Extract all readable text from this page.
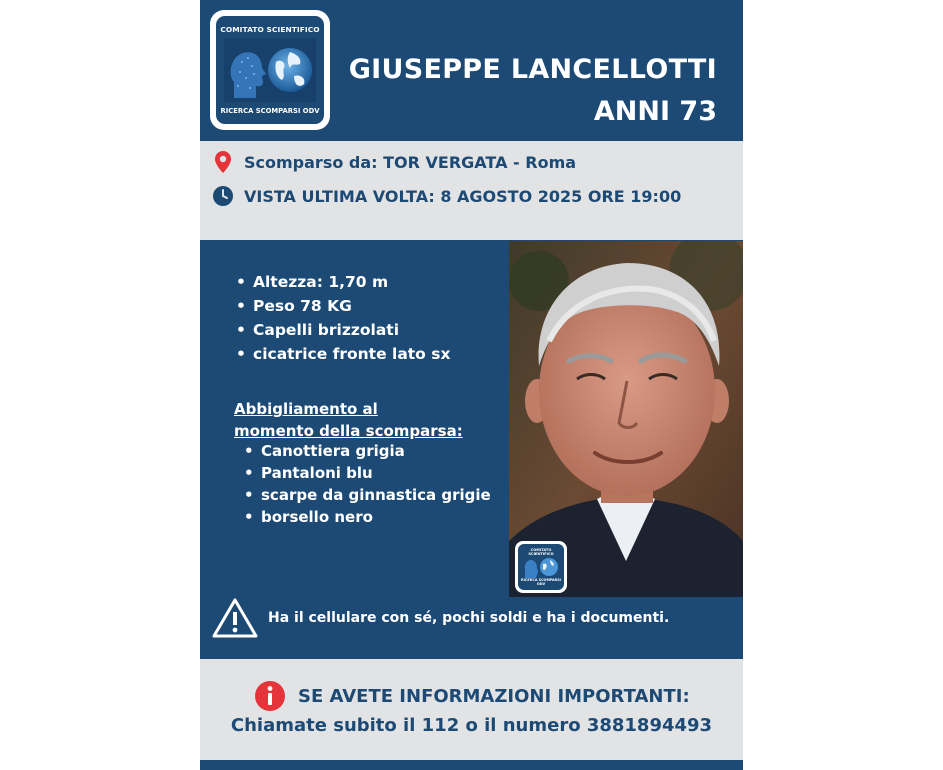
COMITATO SCIENTIFICO
RICERCA SCOMPARSI ODV
GIUSEPPE LANCELLOTTI
ANNI 73
Scomparso da: TOR VERGATA - Roma
VISTA ULTIMA VOLTA: 8 AGOSTO 2025 ORE 19:00
• Altezza: 1,70 m
• Peso 78 KG
• Capelli brizzolati
• cicatrice fronte lato sx
Abbigliamento al
momento della scomparsa:
• Canottiera grigia
• Pantaloni blu
• scarpe da ginnastica grigie
• borsello nero
COMITATO SCIENTIFICO
RICERCA SCOMPARSI ODV
Ha il cellulare con sé, pochi soldi e ha i documenti.
SE AVETE INFORMAZIONI IMPORTANTI:
Chiamate subito il 112 o il numero 3881894493
